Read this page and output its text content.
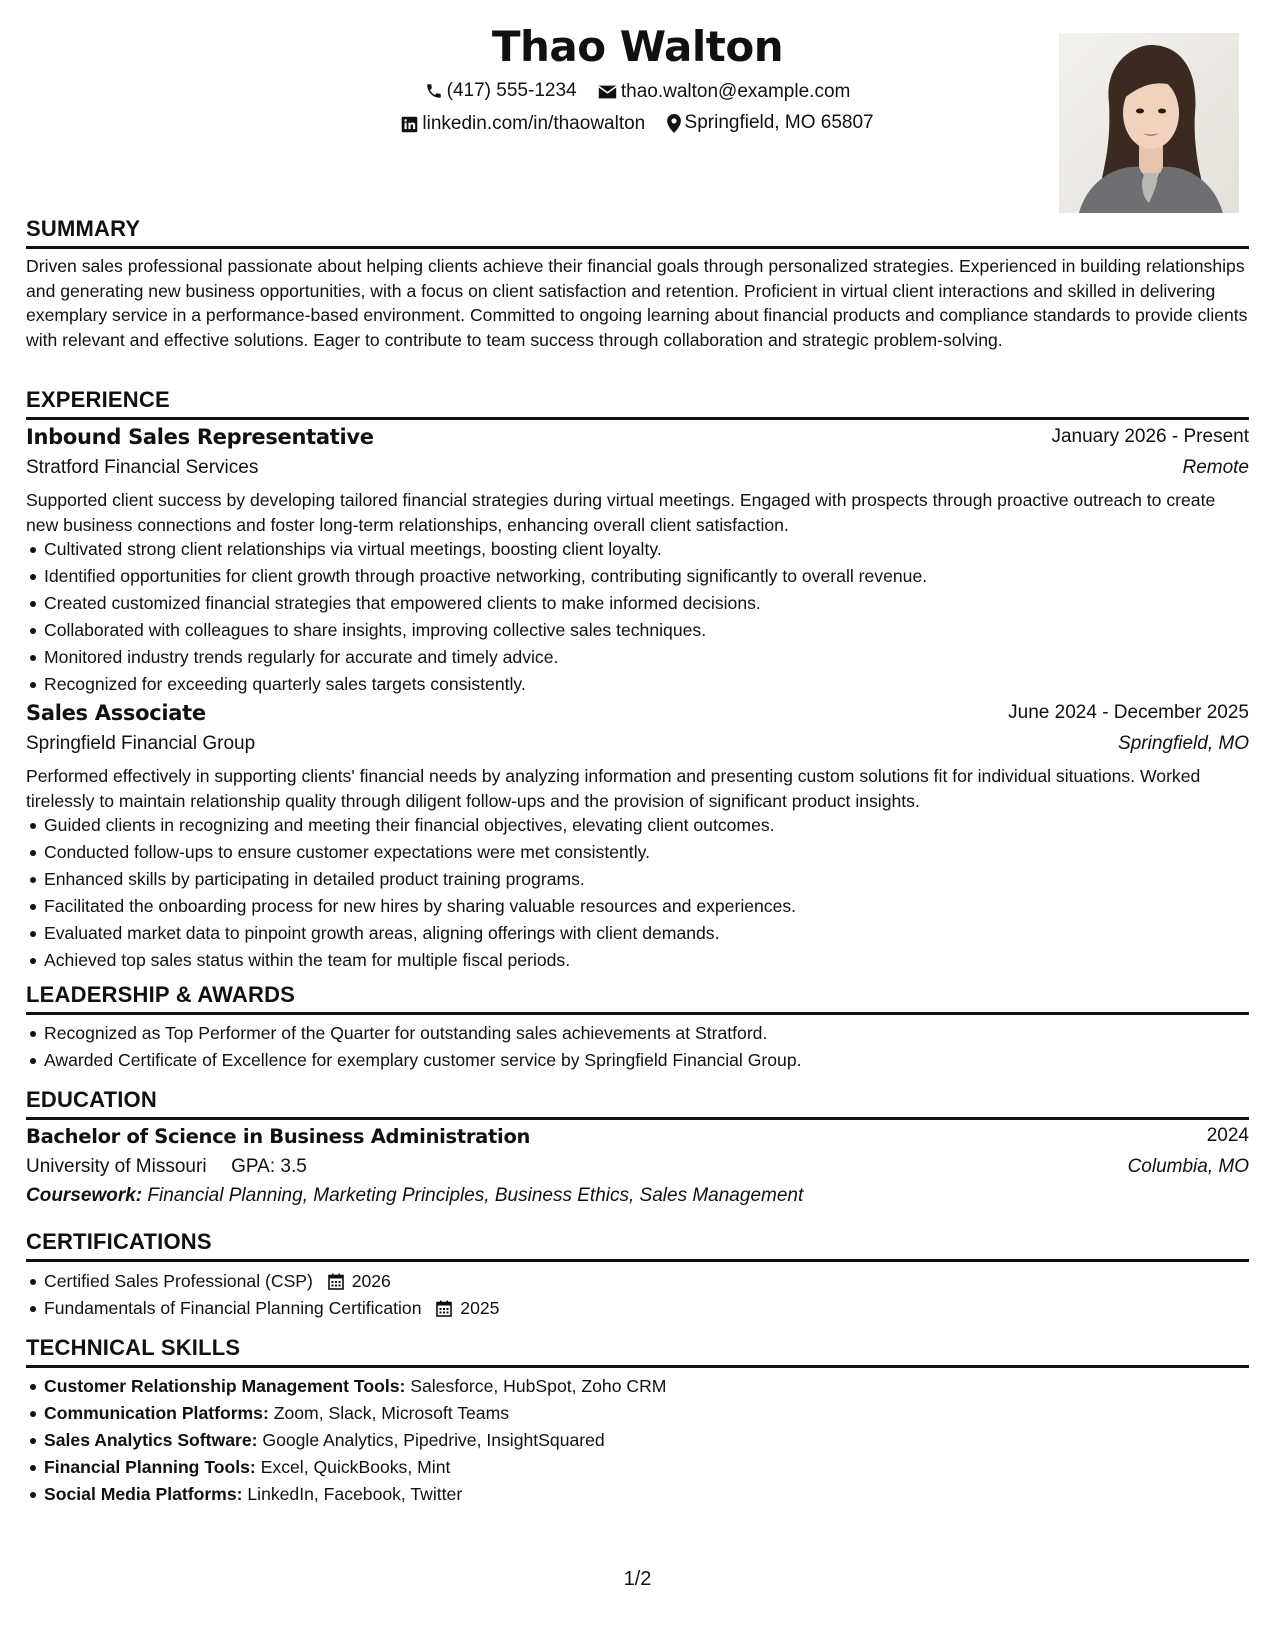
Thao Walton
(417) 555-1234
thao.walton@example.com
linkedin.com/in/thaowalton
Springfield, MO 65807
SUMMARY

Driven sales professional passionate about helping clients achieve their financial goals through personalized strategies. Experienced in building relationships and generating new business opportunities, with a focus on client satisfaction and retention. Proficient in virtual client interactions and skilled in delivering exemplary service in a performance-based environment. Committed to ongoing learning about financial products and compliance standards to provide clients with relevant and effective solutions. Eager to contribute to team success through collaboration and strategic problem-solving.

EXPERIENCE
Inbound Sales Representative	January 2026 - Present
Stratford Financial Services	Remote

Supported client success by developing tailored financial strategies during virtual meetings. Engaged with prospects through proactive outreach to create new business connections and foster long-term relationships, enhancing overall client satisfaction.

Cultivated strong client relationships via virtual meetings, boosting client loyalty.
Identified opportunities for client growth through proactive networking, contributing significantly to overall revenue.
Created customized financial strategies that empowered clients to make informed decisions.
Collaborated with colleagues to share insights, improving collective sales techniques.
Monitored industry trends regularly for accurate and timely advice.
Recognized for exceeding quarterly sales targets consistently.
Sales Associate	June 2024 - December 2025
Springfield Financial Group	Springfield, MO

Performed effectively in supporting clients' financial needs by analyzing information and presenting custom solutions fit for individual situations. Worked tirelessly to maintain relationship quality through diligent follow-ups and the provision of significant product insights.

Guided clients in recognizing and meeting their financial objectives, elevating client outcomes.
Conducted follow-ups to ensure customer expectations were met consistently.
Enhanced skills by participating in detailed product training programs.
Facilitated the onboarding process for new hires by sharing valuable resources and experiences.
Evaluated market data to pinpoint growth areas, aligning offerings with client demands.
Achieved top sales status within the team for multiple fiscal periods.
LEADERSHIP & AWARDS
Recognized as Top Performer of the Quarter for outstanding sales achievements at Stratford.
Awarded Certificate of Excellence for exemplary customer service by Springfield Financial Group.
EDUCATION
Bachelor of Science in Business Administration	2024
University of Missouri GPA: 3.5	Columbia, MO
Coursework: Financial Planning, Marketing Principles, Business Ethics, Sales Management
CERTIFICATIONS
Certified Sales Professional (CSP) 2026
Fundamentals of Financial Planning Certification 2025
TECHNICAL SKILLS
Customer Relationship Management Tools: Salesforce, HubSpot, Zoho CRM
Communication Platforms: Zoom, Slack, Microsoft Teams
Sales Analytics Software: Google Analytics, Pipedrive, InsightSquared
Financial Planning Tools: Excel, QuickBooks, Mint
Social Media Platforms: LinkedIn, Facebook, Twitter
1/2
